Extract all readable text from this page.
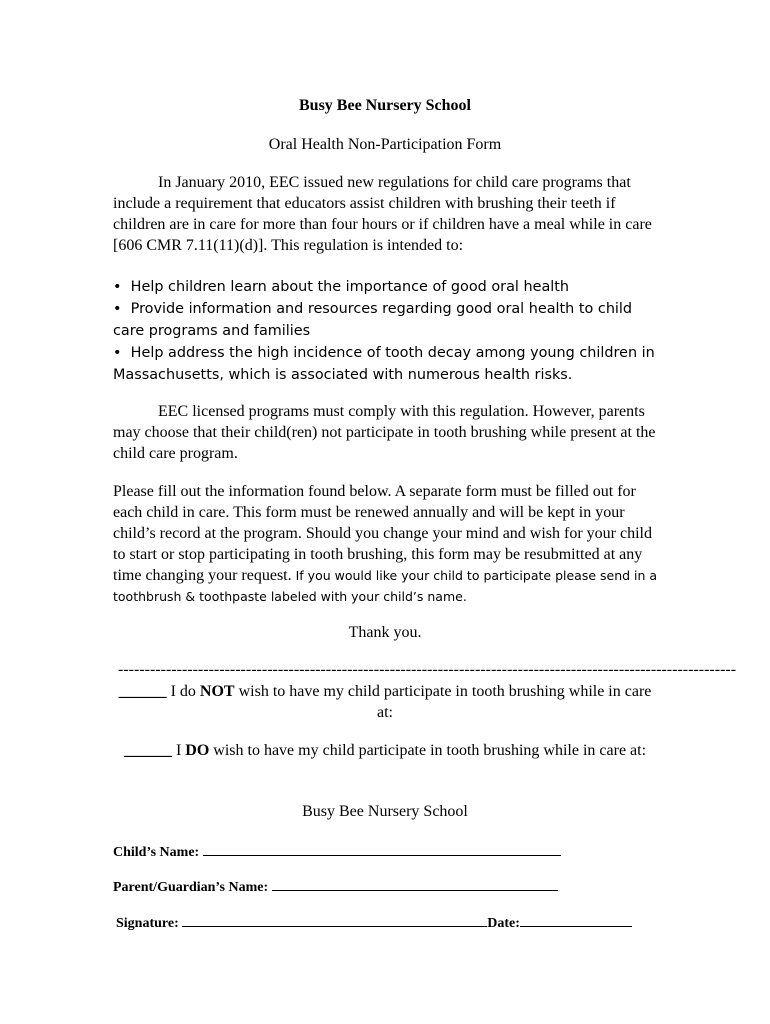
Busy Bee Nursery School
Oral Health Non-Participation Form
In January 2010, EEC issued new regulations for child care programs that include a requirement that educators assist children with brushing their teeth if children are in care for more than four hours or if children have a meal while in care [606 CMR 7.11(11)(d)]. This regulation is intended to:
• Help children learn about the importance of good oral health
• Provide information and resources regarding good oral health to child care programs and families
• Help address the high incidence of tooth decay among young children in Massachusetts, which is associated with numerous health risks.
EEC licensed programs must comply with this regulation. However, parents may choose that their child(ren) not participate in tooth brushing while present at the child care program.
Please fill out the information found below. A separate form must be filled out for each child in care. This form must be renewed annually and will be kept in your child’s record at the program. Should you change your mind and wish for your child to start or stop participating in tooth brushing, this form may be resubmitted at any time changing your request. If you would like your child to participate please send in a toothbrush & toothpaste labeled with your child’s name.
Thank you.
--------------------------------------------------------------------------------------------------------------------
______ I do NOT wish to have my child participate in tooth brushing while in care at:
______ I DO wish to have my child participate in tooth brushing while in care at:
Busy Bee Nursery School
Child’s Name:
Parent/Guardian’s Name:
Signature:	Date:
